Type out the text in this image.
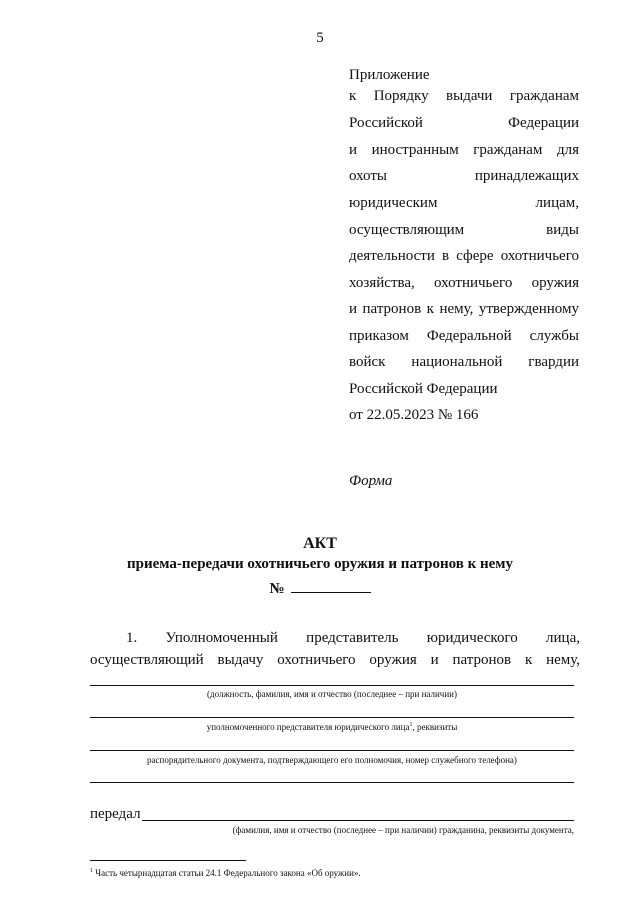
5
Приложение
к Порядку выдачи гражданам
Российской Федерации
и иностранным гражданам для
охоты принадлежащих
юридическим лицам,
осуществляющим виды
деятельности в сфере охотничьего
хозяйства, охотничьего оружия
и патронов к нему, утвержденному
приказом Федеральной службы
войск национальной гвардии
Российской Федерации
от 22.05.2023 № 166
Форма
АКТ
приема-передачи охотничьего оружия и патронов к нему
№
1. Уполномоченный представитель юридического лица,
осуществляющий выдачу охотничьего оружия и патронов к нему,
(должность, фамилия, имя и отчество (последнее – при наличии)
уполномоченного представителя юридического лица$^1$, реквизиты
распорядительного документа, подтверждающего его полномочия, номер служебного телефона)
передал
(фамилия, имя и отчество (последнее – при наличии) гражданина, реквизиты документа,
$^1$ Часть четырнадцатая статьи 24.1 Федерального закона «Об оружии».
